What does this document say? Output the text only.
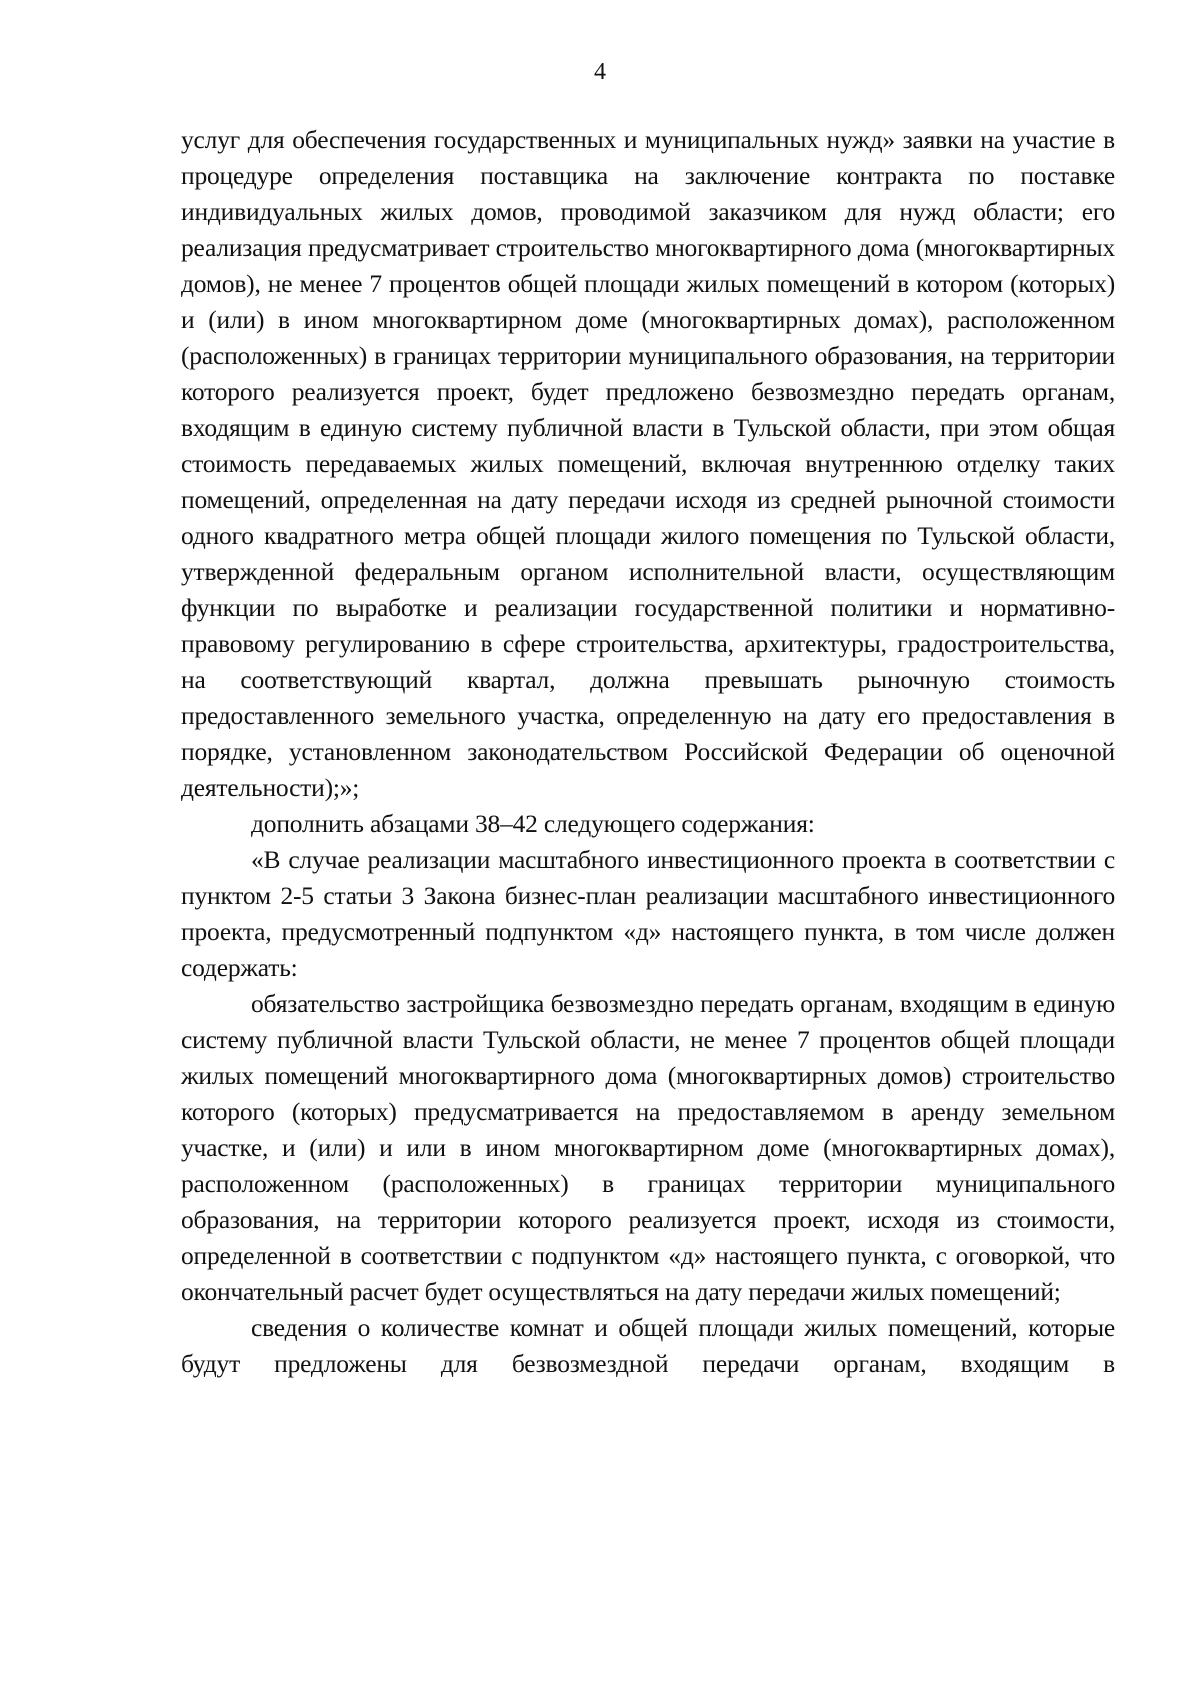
4

услуг для обеспечения государственных и муниципальных нужд» заявки на участие в процедуре определения поставщика на заключение контракта по поставке индивидуальных жилых домов, проводимой заказчиком для нужд области; его реализация предусматривает строительство многоквартирного дома (многоквартирных домов), не менее 7 процентов общей площади жилых помещений в котором (которых) и (или) в ином многоквартирном доме (многоквартирных домах), расположенном (расположенных) в границах территории муниципального образования, на территории которого реализуется проект, будет предложено безвозмездно передать органам, входящим в единую систему публичной власти в Тульской области, при этом общая стоимость передаваемых жилых помещений, включая внутреннюю отделку таких помещений, определенная на дату передачи исходя из средней рыночной стоимости одного квадратного метра общей площади жилого помещения по Тульской области, утвержденной федеральным органом исполнительной власти, осуществляющим функции по выработке и реализации государственной политики и нормативно-правовому регулированию в сфере строительства, архитектуры, градостроительства, на соответствующий квартал, должна превышать рыночную стоимость предоставленного земельного участка, определенную на дату его предоставления в порядке, установленном законодательством Российской Федерации об оценочной деятельности);»;

дополнить абзацами 38–42 следующего содержания:

«В случае реализации масштабного инвестиционного проекта в соответствии с пунктом 2-5 статьи 3 Закона бизнес-план реализации масштабного инвестиционного проекта, предусмотренный подпунктом «д» настоящего пункта, в том числе должен содержать:

обязательство застройщика безвозмездно передать органам, входящим в единую систему публичной власти Тульской области, не менее 7 процентов общей площади жилых помещений многоквартирного дома (многоквартирных домов) строительство которого (которых) предусматривается на предоставляемом в аренду земельном участке, и (или) и или в ином многоквартирном доме (многоквартирных домах), расположенном (расположенных) в границах территории муниципального образования, на территории которого реализуется проект, исходя из стоимости, определенной в соответствии с подпунктом «д» настоящего пункта, с оговоркой, что окончательный расчет будет осуществляться на дату передачи жилых помещений;

сведения о количестве комнат и общей площади жилых помещений, которые будут предложены для безвозмездной передачи органам, входящим в
